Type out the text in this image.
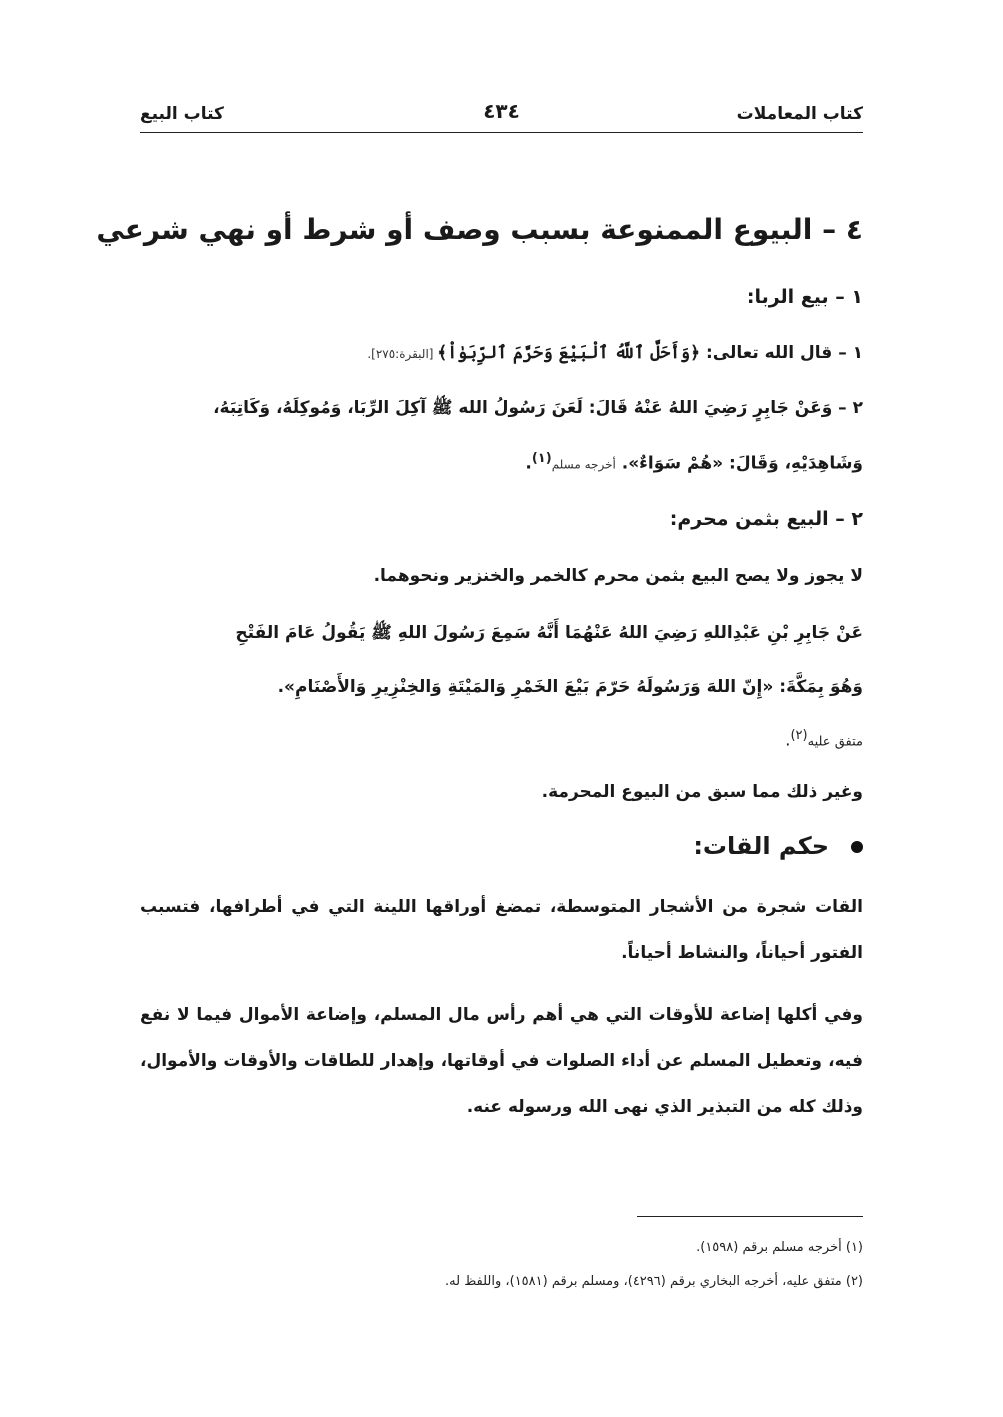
كتاب المعاملات
٤٣٤
كتاب البيع
٤ – البيوع الممنوعة بسبب وصف أو شرط أو نهي شرعي
١ – بيع الربا:
١ – قال الله تعالى: ﴿وَأَحَلَّ ٱللَّهُ ٱلْبَيْعَ وَحَرَّمَ ٱلرِّبَوٰاْ﴾ [البقرة:٢٧٥].
٢ – وَعَنْ جَابِرٍ رَضِيَ اللهُ عَنْهُ قَالَ: لَعَنَ رَسُولُ الله ﷺ آكِلَ الرِّبَا، وَمُوكِلَهُ، وَكَاتِبَهُ،
وَشَاهِدَيْهِ، وَقَالَ: «هُمْ سَوَاءٌ». أخرجه مسلم$^{(١)}$.
٢ – البيع بثمن محرم:
لا يجوز ولا يصح البيع بثمن محرم كالخمر والخنزير ونحوهما.
عَنْ جَابِرِ بْنِ عَبْدِاللهِ رَضِيَ اللهُ عَنْهُمَا أَنَّهُ سَمِعَ رَسُولَ اللهِ ﷺ يَقُولُ عَامَ الفَتْحِ
وَهُوَ بِمَكَّةَ: «إِنّ اللهَ وَرَسُولَهُ حَرّمَ بَيْعَ الخَمْرِ وَالمَيْتَةِ وَالخِنْزِيرِ وَالأَصْنَامِ».
متفق عليه$^{(٢)}$.
وغير ذلك مما سبق من البيوع المحرمة.
حكم القات:
القات شجرة من الأشجار المتوسطة، تمضغ أوراقها اللينة التي في أطرافها، فتسبب الفتور أحياناً، والنشاط أحياناً.
وفي أكلها إضاعة للأوقات التي هي أهم رأس مال المسلم، وإضاعة الأموال فيما لا نفع فيه، وتعطيل المسلم عن أداء الصلوات في أوقاتها، وإهدار للطاقات والأوقات والأموال، وذلك كله من التبذير الذي نهى الله ورسوله عنه.
(١) أخرجه مسلم برقم (١٥٩٨).
(٢) متفق عليه، أخرجه البخاري برقم (٤٢٩٦)، ومسلم برقم (١٥٨١)، واللفظ له.
